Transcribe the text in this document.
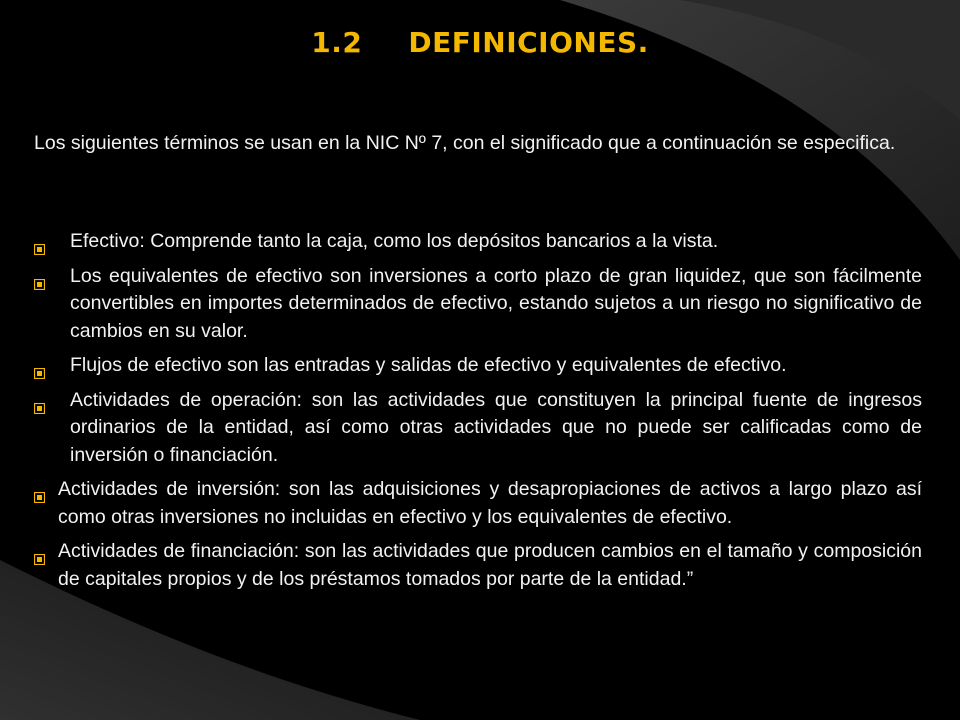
1.2 DEFINICIONES.

Los siguientes términos se usan en la NIC Nº 7, con el significado que a continuación se especifica.

Efectivo: Comprende tanto la caja, como los depósitos bancarios a la vista.
Los equivalentes de efectivo son inversiones a corto plazo de gran liquidez, que son fácilmente convertibles en importes determinados de efectivo, estando sujetos a un riesgo no significativo de cambios en su valor.
Flujos de efectivo son las entradas y salidas de efectivo y equivalentes de efectivo.
Actividades de operación: son las actividades que constituyen la principal fuente de ingresos ordinarios de la entidad, así como otras actividades que no puede ser calificadas como de inversión o financiación.
Actividades de inversión: son las adquisiciones y desapropiaciones de activos a largo plazo así como otras inversiones no incluidas en efectivo y los equivalentes de efectivo.
Actividades de financiación: son las actividades que producen cambios en el tamaño y composición de capitales propios y de los préstamos tomados por parte de la entidad.”
